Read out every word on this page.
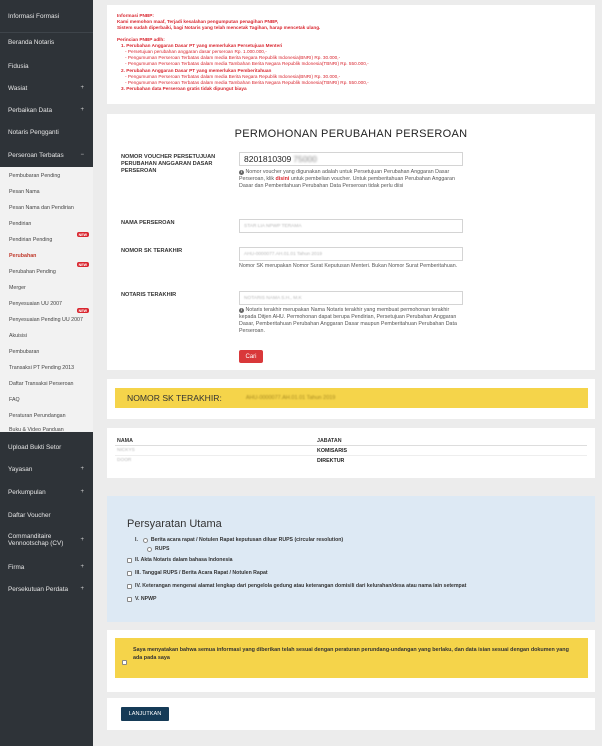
Informasi Formasi
Beranda Notaris
Fidusia
Wasiat	+
Perbaikan Data	+
Notaris Pengganti
Perseroan Terbatas	−
Pembubaran Pending
Pesan Nama
Pesan Nama dan Pendirian
Pendirian
Pendirian Pending
NEW
Perubahan
Perubahan Pending
NEW
Merger
Penyesuaian UU 2007
Penyesuaian Pending UU 2007
NEW
Akuisisi
Pembubaran
Transaksi PT Pending 2013
Daftar Transaksi Perseroan
FAQ
Peraturan Perundangan
Buku & Video Panduan
Upload Bukti Setor
Yayasan	+
Perkumpulan	+
Daftar Voucher
Commanditaire Vennootschap (CV)
+
Firma	+
Persekutuan Perdata +
Informasi PNBP:
Kami memohon maaf, Terjadi kesalahan pengumputan penagihan PNBP,
Sistem sudah diperbaiki, bagi Notaris yang telah mencetak Tagihan, harap mencetak ulang.
Perincian PNBP adlh:
1. Perubahan Anggaran Dasar PT yang memerlukan Persetujuan Menteri
- Persetujuan perubahan anggaran dasar perseroan Rp. 1.000.000,-
- Pengumuman Perseroan Terbatas dalam media Berita Negara Republik Indonesia(BNRI) Rp. 30.000,-
- Pengumuman Perseroan Terbatas dalam media Tambahan Berita Negara Republik Indonesia(TBNRI) Rp. 550.000,-
2. Perubahan Anggaran Dasar PT yang memerlukan Pemberitahuan
- Pengumuman Perseroan Terbatas dalam media Berita Negara Republik Indonesia(BNRI) Rp. 30.000,-
- Pengumuman Perseroan Terbatas dalam media Tambahan Berita Negara Republik Indonesia(TBNRI) Rp. 550.000,-
3. Perubahan data Perseroan gratis tidak dipungut biaya
PERMOHONAN PERUBAHAN PERSEROAN
NOMOR VOUCHER PERSETUJUAN PERUBAHAN ANGGARAN DASAR PERSEROAN
8201810309 75000
i Nomor voucher yang digunakan adalah untuk Persetujuan Perubahan Anggaran Dasar Perseroan, klik disini untuk pembelian voucher. Untuk pemberitahuan Perubahan Anggaran Dasar dan Pemberitahuan Perubahan Data Perseroan tidak perlu diisi
NAMA PERSEROAN	STAR LIA NPWP TERAMA
NOMOR SK TERAKHIR	AHU-0000077.AH.01.01 Tahun 2019
Nomor SK merupakan Nomor Surat Keputusan Menteri. Bukan Nomor Surat Pemberitahuan.
NOTARIS TERAKHIR	NOTARIS NAMA S.H., M.K
i Notaris terakhir merupakan Nama Notaris terakhir yang membuat permohonan terakhir kepada Ditjen AHU. Permohonan dapat berupa Pendirian, Persetujuan Perubahan Anggaran Dasar, Pemberitahuan Perubahan Anggaran Dasar maupun Pemberitahuan Perubahan Data Perseroan.
Cari
NOMOR SK TERAKHIR:	AHU-0000077.AH.01.01 Tahun 2019
NAMA	JABATAN
NICKYS	KOMISARIS
DOOR	DIREKTUR
Persyaratan Utama
I.	Berita acara rapat / Notulen Rapat keputusan diluar RUPS (circular resolution)
RUPS
II. Akta Notaris dalam bahasa Indonesia
III. Tanggal RUPS / Berita Acara Rapat / Notulen Rapat
IV. Keterangan mengenai alamat lengkap dari pengelola gedung atau keterangan domisili dari kelurahan/desa atau nama lain setempat
V. NPWP
Saya menyatakan bahwa semua informasi yang diberikan telah sesuai dengan peraturan perundang-undangan yang berlaku, dan data isian sesuai dengan dokumen yang ada pada saya
LANJUTKAN
